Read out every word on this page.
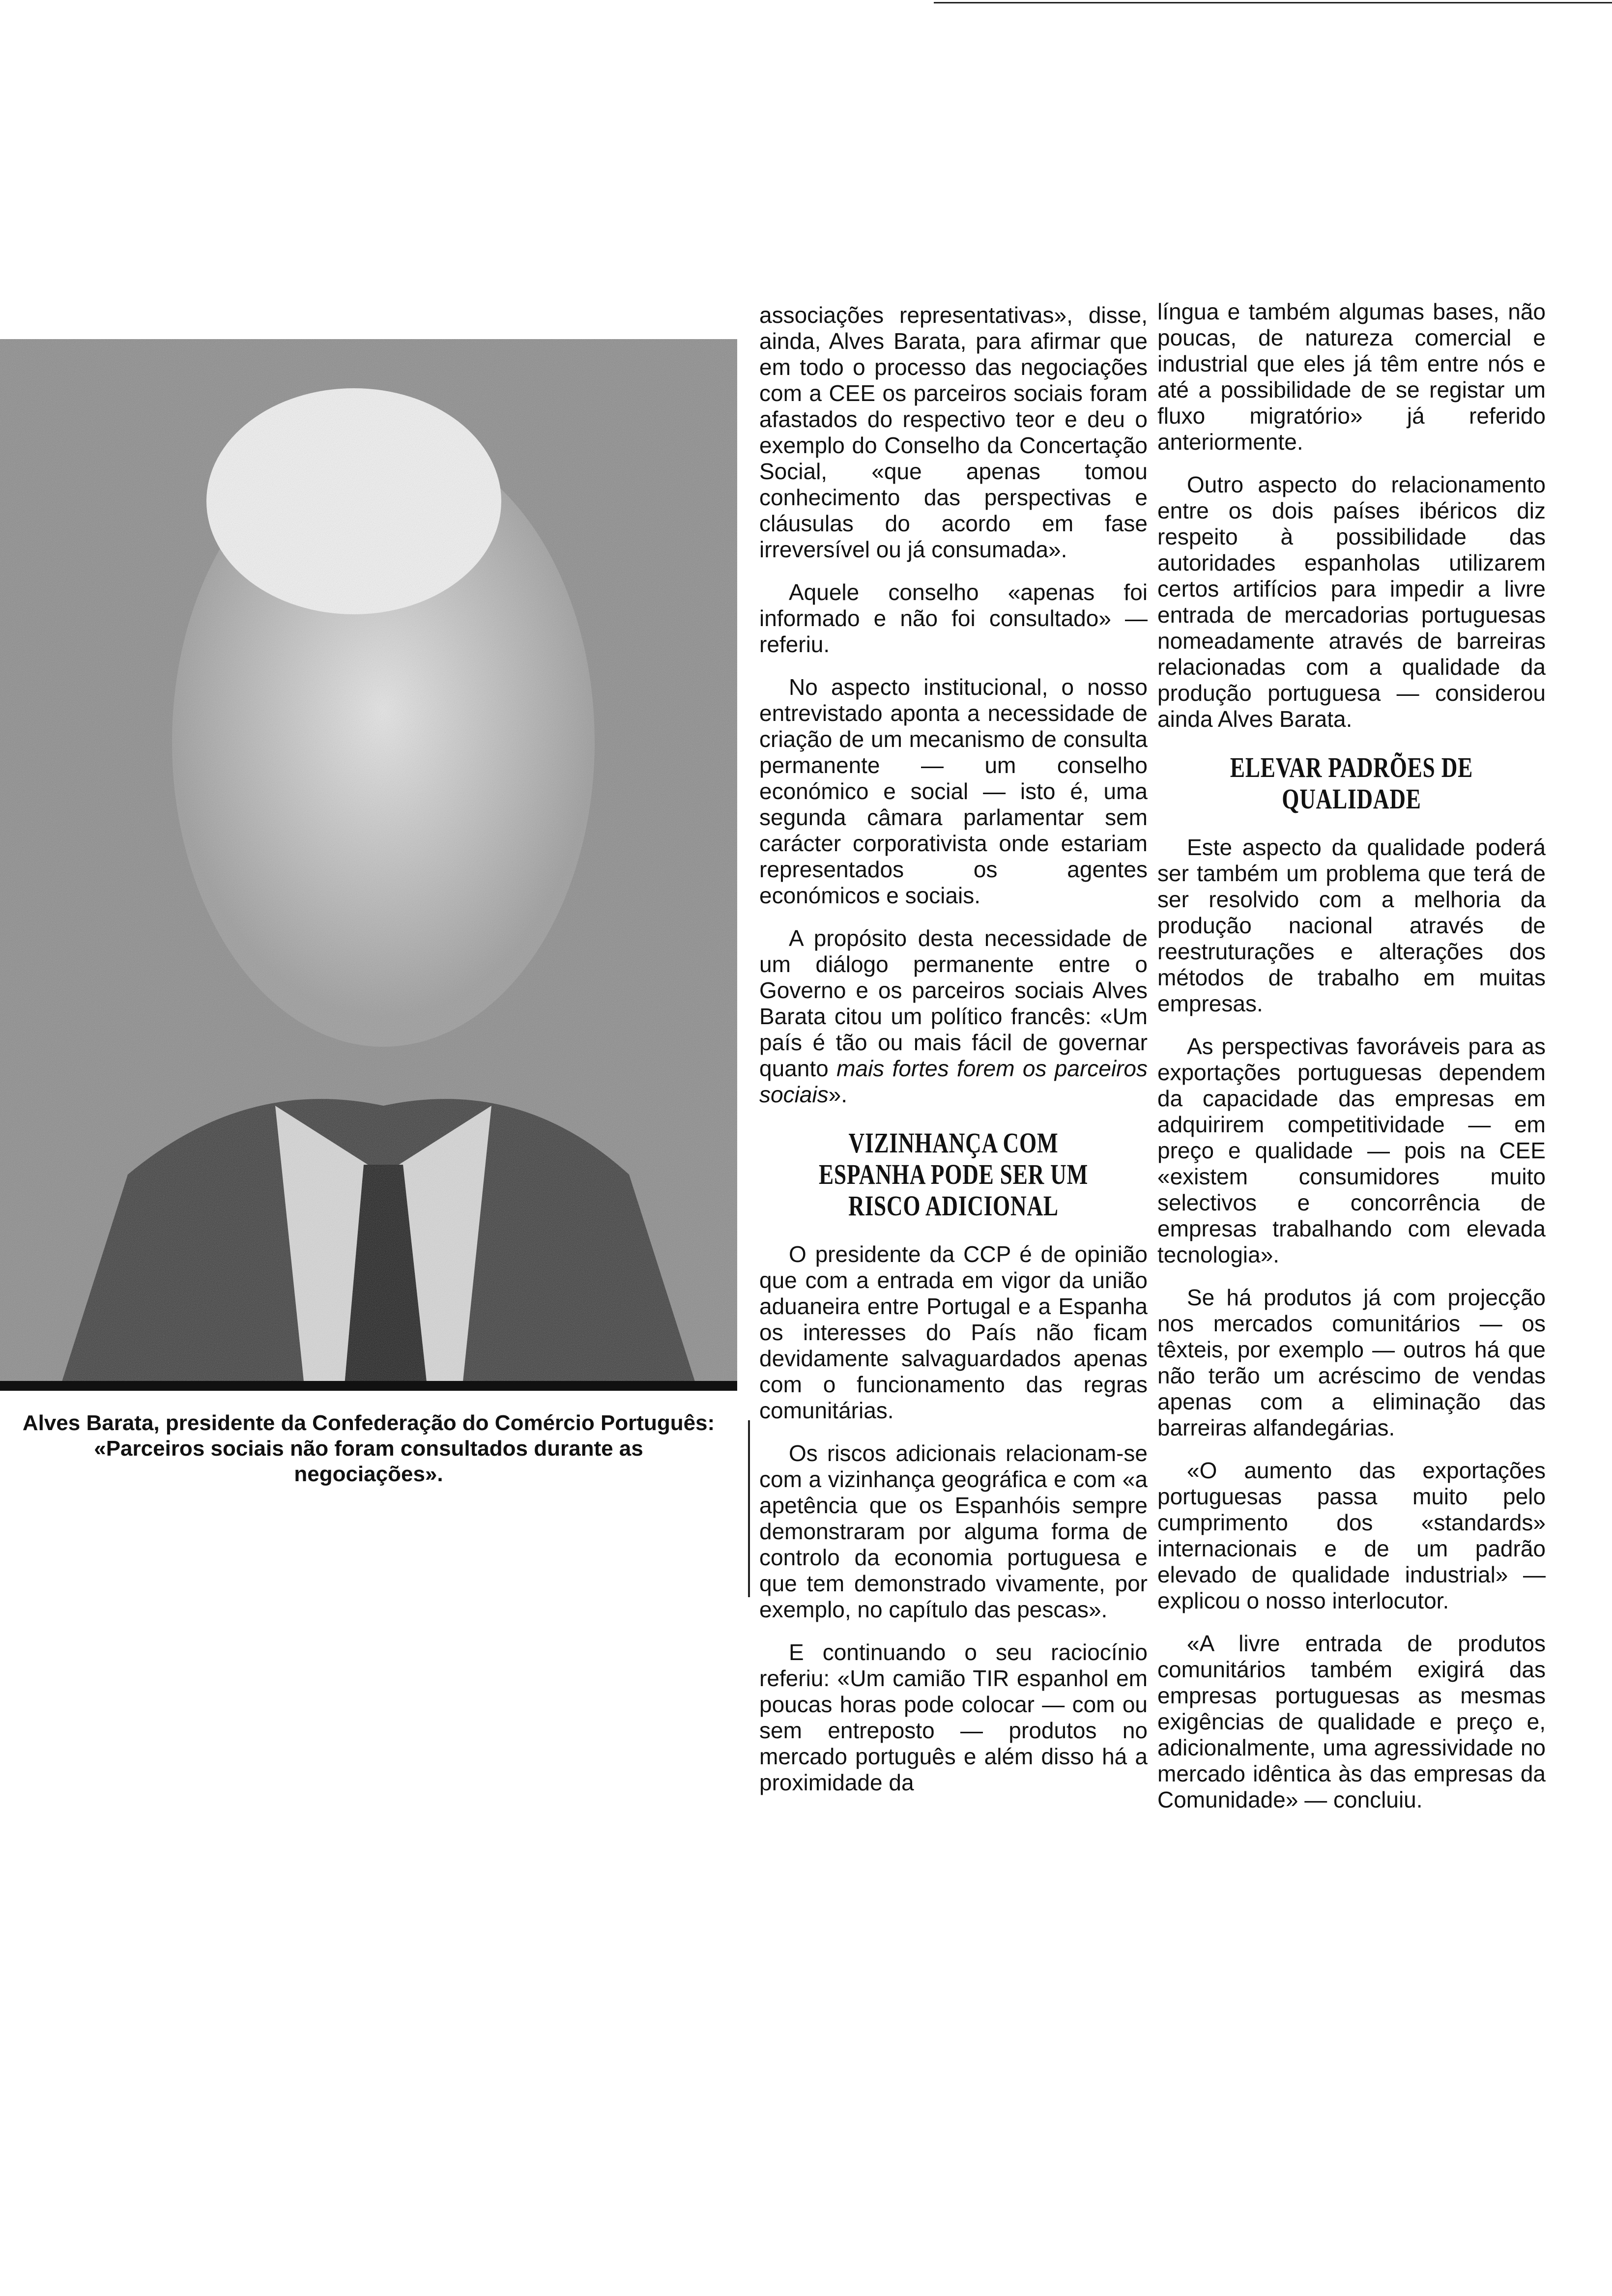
Alves Barata, presidente da Confederação do Comércio Português: «Parceiros sociais não foram consultados durante as negociações».

associações representativas», disse, ainda, Alves Barata, para afirmar que em todo o processo das negociações com a CEE os parceiros sociais foram afastados do respectivo teor e deu o exemplo do Conselho da Concertação Social, «que apenas tomou conhecimento das perspectivas e cláusulas do acordo em fase irreversível ou já consumada».

Aquele conselho «apenas foi informado e não foi consultado» — referiu.

No aspecto institucional, o nosso entrevistado aponta a necessidade de criação de um mecanismo de consulta permanente — um conselho económico e social — isto é, uma segunda câmara parlamentar sem carácter corporativista onde estariam representados os agentes económicos e sociais.

A propósito desta necessidade de um diálogo permanente entre o Governo e os parceiros sociais Alves Barata citou um político francês: «Um país é tão ou mais fácil de governar quanto mais fortes forem os parceiros sociais».

VIZINHANÇA COM ESPANHA PODE SER UM RISCO ADICIONAL

O presidente da CCP é de opinião que com a entrada em vigor da união aduaneira entre Portugal e a Espanha os interesses do País não ficam devidamente salvaguardados apenas com o funcionamento das regras comunitárias.

Os riscos adicionais relacionam-se com a vizinhança geográfica e com «a apetência que os Espanhóis sempre demonstraram por alguma forma de controlo da economia portuguesa e que tem demonstrado vivamente, por exemplo, no capítulo das pescas».

E continuando o seu raciocínio referiu: «Um camião TIR espanhol em poucas horas pode colocar — com ou sem entreposto — produtos no mercado português e além disso há a proximidade da

língua e também algumas bases, não poucas, de natureza comercial e industrial que eles já têm entre nós e até a possibilidade de se registar um fluxo migratório» já referido anteriormente.

Outro aspecto do relacionamento entre os dois países ibéricos diz respeito à possibilidade das autoridades espanholas utilizarem certos artifícios para impedir a livre entrada de mercadorias portuguesas nomeadamente através de barreiras relacionadas com a qualidade da produção portuguesa — considerou ainda Alves Barata.

ELEVAR PADRÕES DE QUALIDADE

Este aspecto da qualidade poderá ser também um problema que terá de ser resolvido com a melhoria da produção nacional através de reestruturações e alterações dos métodos de trabalho em muitas empresas.

As perspectivas favoráveis para as exportações portuguesas dependem da capacidade das empresas em adquirirem competitividade — em preço e qualidade — pois na CEE «existem consumidores muito selectivos e concorrência de empresas trabalhando com elevada tecnologia».

Se há produtos já com projecção nos mercados comunitários — os têxteis, por exemplo — outros há que não terão um acréscimo de vendas apenas com a eliminação das barreiras alfandegárias.

«O aumento das exportações portuguesas passa muito pelo cumprimento dos «standards» internacionais e de um padrão elevado de qualidade industrial» — explicou o nosso interlocutor.

«A livre entrada de produtos comunitários também exigirá das empresas portuguesas as mesmas exigências de qualidade e preço e, adicionalmente, uma agressividade no mercado idêntica às das empresas da Comunidade» — concluiu.
